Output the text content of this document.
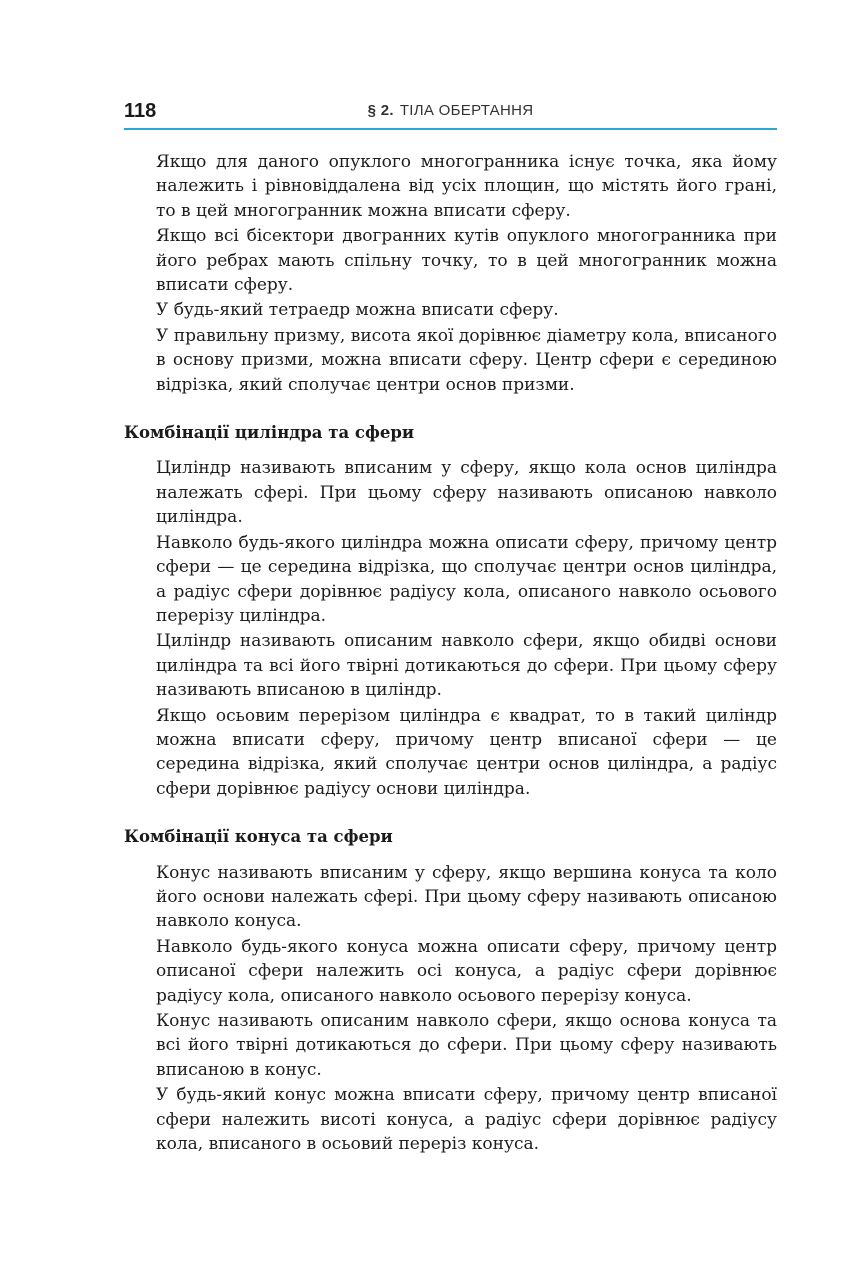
118	§ 2. ТІЛА ОБЕРТАННЯ

Якщо для даного опуклого многогранника існує точка, яка йому належить і рівновіддалена від усіх площин, що містять його грані, то в цей многогранник можна вписати сферу.

Якщо всі бісектори двогранних кутів опуклого многогранника при його ребрах мають спільну точку, то в цей многогранник можна вписати сферу.

У будь-який тетраедр можна вписати сферу.

У правильну призму, висота якої дорівнює діаметру кола, вписаного в основу призми, можна вписати сферу. Центр сфери є серединою відрізка, який сполучає центри основ призми.

Комбінації циліндра та сфери

Циліндр називають вписаним у сферу, якщо кола основ циліндра належать сфері. При цьому сферу називають описаною навколо циліндра.

Навколо будь-якого циліндра можна описати сферу, причому центр сфери — це середина відрізка, що сполучає центри основ циліндра, а радіус сфери дорівнює радіусу кола, описаного навколо осьового перерізу циліндра.

Циліндр називають описаним навколо сфери, якщо обидві основи циліндра та всі його твірні дотикаються до сфери. При цьому сферу називають вписаною в циліндр.

Якщо осьовим перерізом циліндра є квадрат, то в такий циліндр можна вписати сферу, причому центр вписаної сфери — це середина відрізка, який сполучає центри основ циліндра, а радіус сфери дорівнює радіусу основи циліндра.

Комбінації конуса та сфери

Конус називають вписаним у сферу, якщо вершина конуса та коло його основи належать сфері. При цьому сферу називають описаною навколо конуса.

Навколо будь-якого конуса можна описати сферу, причому центр описаної сфери належить осі конуса, а радіус сфери дорівнює радіусу кола, описаного навколо осьового перерізу конуса.

Конус називають описаним навколо сфери, якщо основа конуса та всі його твірні дотикаються до сфери. При цьому сферу називають вписаною в конус.

У будь-який конус можна вписати сферу, причому центр вписаної сфери належить висоті конуса, а радіус сфери дорівнює радіусу кола, вписаного в осьовий переріз конуса.
